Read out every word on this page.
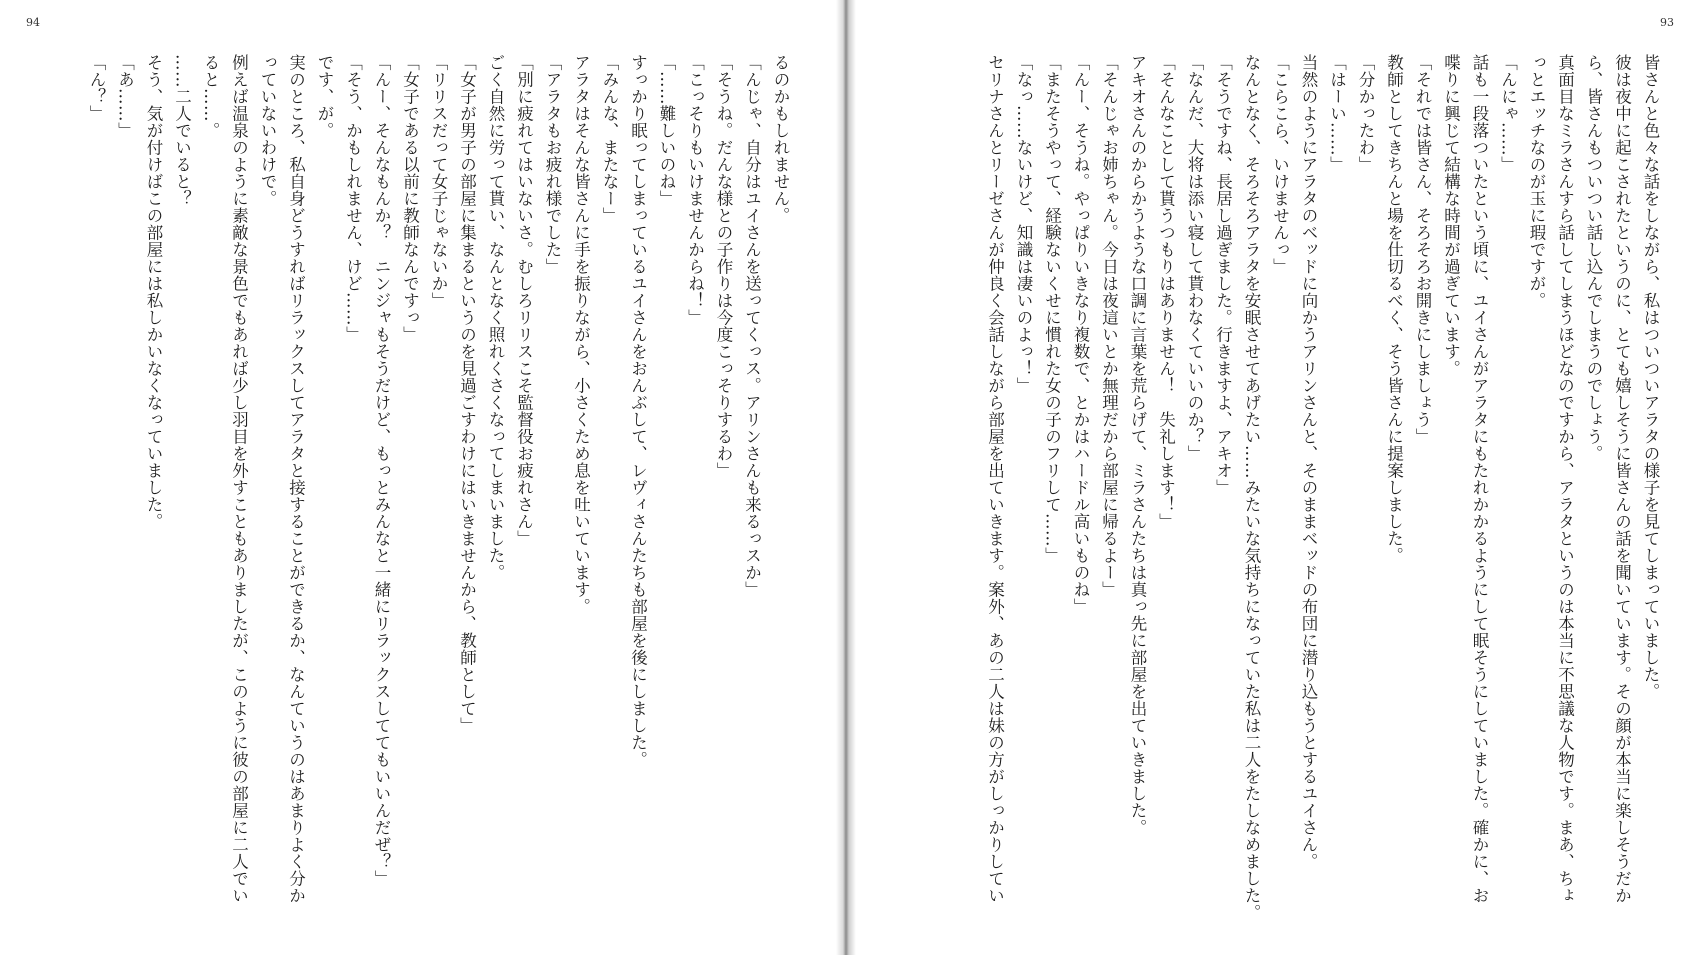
94
るのかもしれません。
「んじゃ、自分はユイさんを送ってくっス。アリンさんも来るっスか」
「そうね。だんな様との子作りは今度こっそりするわ」
「こっそりもいけませんからね！」
「……難しいのね」
すっかり眠ってしまっているユイさんをおんぶして、レヴィさんたちも部屋を後にしました。
「みんな、またなー」
アラタはそんな皆さんに手を振りながら、小さくため息を吐いています。
「アラタもお疲れ様でした」
「別に疲れてはいないさ。むしろリリスこそ監督役お疲れさん」
ごく自然に労って貰い、なんとなく照れくさくなってしまいました。
「女子が男子の部屋に集まるというのを見過ごすわけにはいきませんから、教師として」
「リリスだって女子じゃないか」
「女子である以前に教師なんですっ」
「んー、そんなもんか？　ニンジャもそうだけど、もっとみんなと一緒にリラックスしててもいいんだぜ？」
「そう、かもしれません、けど……」
です、が。
実のところ、私自身どうすればリラックスしてアラタと接することができるか、なんていうのはあまりよく分か
っていないわけで。
例えば温泉のように素敵な景色でもあれば少し羽目を外すこともありましたが、このように彼の部屋に二人でい
ると……。
……二人でいると？
そう、気が付けばこの部屋には私しかいなくなっていました。
「あ……」
「ん？」
93
皆さんと色々な話をしながら、私はついついアラタの様子を見てしまっていました。
彼は夜中に起こされたというのに、とても嬉しそうに皆さんの話を聞いています。その顔が本当に楽しそうだか
ら、皆さんもついつい話し込んでしまうのでしょう。
真面目なミラさんすら話してしまうほどなのですから、アラタというのは本当に不思議な人物です。まあ、ちょ
っとエッチなのが玉に瑕ですが。
「んにゃ……」
話も一段落ついたという頃に、ユイさんがアラタにもたれかかるようにして眠そうにしていました。確かに、お
喋りに興じて結構な時間が過ぎています。
「それでは皆さん、そろそろお開きにしましょう」
教師としてきちんと場を仕切るべく、そう皆さんに提案しました。
「分かったわ」
「はーい……」
当然のようにアラタのベッドに向かうアリンさんと、そのままベッドの布団に潜り込もうとするユイさん。
「こらこら、いけませんっ」
なんとなく、そろそろアラタを安眠させてあげたい……みたいな気持ちになっていた私は二人をたしなめました。
「そうですね、長居し過ぎました。行きますよ、アキオ」
「なんだ、大将は添い寝して貰わなくていいのか？」
「そんなことして貰うつもりはありません！　失礼します！」
アキオさんのからかうような口調に言葉を荒らげて、ミラさんたちは真っ先に部屋を出ていきました。
「そんじゃお姉ちゃん。今日は夜這いとか無理だから部屋に帰るよー」
「んー、そうね。やっぱりいきなり複数で、とかはハードル高いものね」
「またそうやって、経験ないくせに慣れた女の子のフリして……」
「なっ……ないけど、知識は凄いのよっ！」
セリナさんとリーゼさんが仲良く会話しながら部屋を出ていきます。案外、あの二人は妹の方がしっかりしてい
